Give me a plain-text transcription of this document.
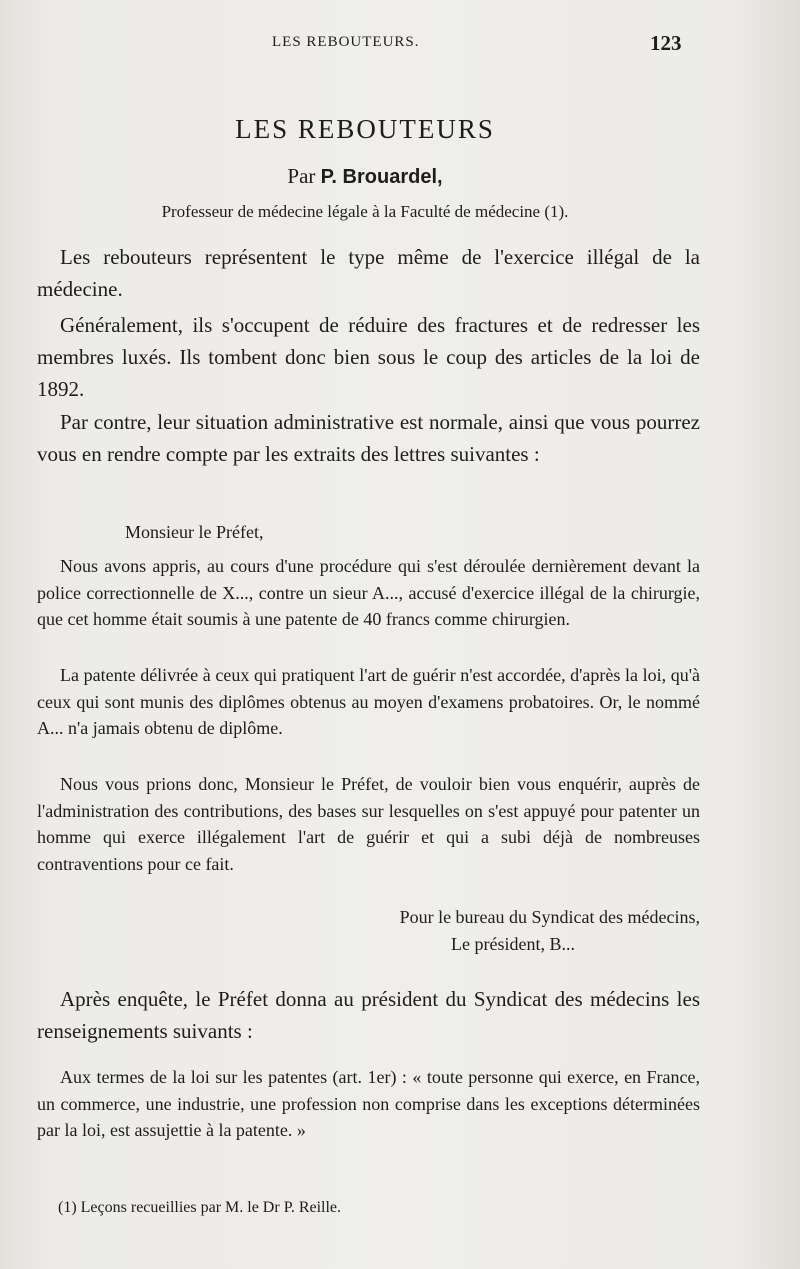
LES REBOUTEURS.	123
LES REBOUTEURS
Par P. Brouardel,
Professeur de médecine légale à la Faculté de médecine (1).

Les rebouteurs représentent le type même de l'exercice illégal de la médecine.

Généralement, ils s'occupent de réduire des fractures et de redresser les membres luxés. Ils tombent donc bien sous le coup des articles de la loi de 1892.

Par contre, leur situation administrative est normale, ainsi que vous pourrez vous en rendre compte par les extraits des lettres suivantes :

Monsieur le Préfet,

Nous avons appris, au cours d'une procédure qui s'est déroulée dernièrement devant la police correctionnelle de X..., contre un sieur A..., accusé d'exercice illégal de la chirurgie, que cet homme était soumis à une patente de 40 francs comme chirurgien.

La patente délivrée à ceux qui pratiquent l'art de guérir n'est accordée, d'après la loi, qu'à ceux qui sont munis des diplômes obtenus au moyen d'examens probatoires. Or, le nommé A... n'a jamais obtenu de diplôme.

Nous vous prions donc, Monsieur le Préfet, de vouloir bien vous enquérir, auprès de l'administration des contributions, des bases sur lesquelles on s'est appuyé pour patenter un homme qui exerce illégalement l'art de guérir et qui a subi déjà de nombreuses contraventions pour ce fait.

Pour le bureau du Syndicat des médecins,
Le président, B...

Après enquête, le Préfet donna au président du Syndicat des médecins les renseignements suivants :

Aux termes de la loi sur les patentes (art. 1er) : « toute personne qui exerce, en France, un commerce, une industrie, une profession non comprise dans les exceptions déterminées par la loi, est assujettie à la patente. »

(1) Leçons recueillies par M. le Dr P. Reille.
